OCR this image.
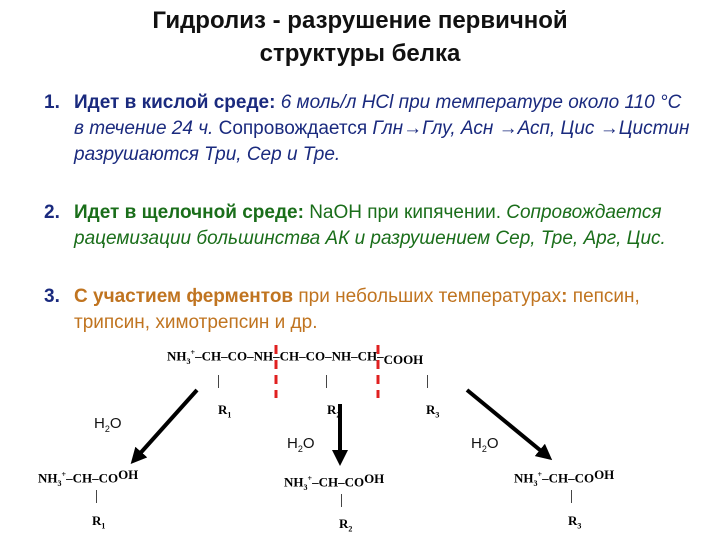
Гидролиз - разрушение первичной
структуры белка
1. Идет в кислой среде: 6 моль/л HCl при температуре около 110 °С в течение 24 ч. Сопровождается Глн→Глу, Асн →Асп, Цис →Цистин разрушаются Три, Сер и Тре.
2. Идет в щелочной среде: NaOH при кипячении. Сопровождается рацемизации большинства АК и разрушением Сер, Тре, Арг, Цис.
3. С участием ферментов при небольших температурах: пепсин, трипсин, химотрепсин и др.
$NH_3^+-CH-CO-NH-CH-CO-NH-CH$–COOH
|	|	|
$R_1$	$R_2$	$R_3$
$H_2O$
$H_2O$	$H_2O$
$NH_3^+-CH$–COOH
|
$R_1$
$NH_3^+-CH$–COOH
|
$R_2$
$NH_3^+-CH$–COOH
|
$R_3$
